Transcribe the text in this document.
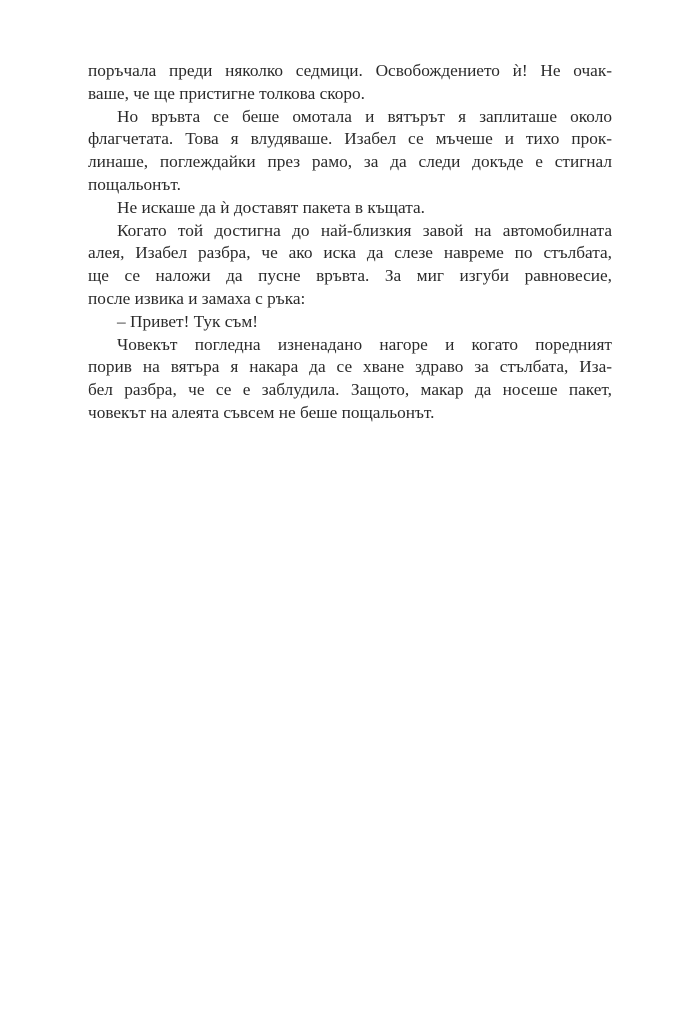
поръчала преди няколко седмици. Освобождението ѝ! Не очак-
ваше, че ще пристигне толкова скоро.
Но връвта се беше омотала и вятърът я заплиташе около
флагчетата. Това я влудяваше. Изабел се мъчеше и тихо прок-
линаше, поглеждайки през рамо, за да следи докъде е стигнал
пощальонът.
Не искаше да ѝ доставят пакета в къщата.
Когато той достигна до най-близкия завой на автомобилната
алея, Изабел разбра, че ако иска да слезе навреме по стълбата,
ще се наложи да пусне връвта. За миг изгуби равновесие,
после извика и замаха с ръка:
– Привет! Тук съм!
Човекът погледна изненадано нагоре и когато поредният
порив на вятъра я накара да се хване здраво за стълбата, Иза-
бел разбра, че се е заблудила. Защото, макар да носеше пакет,
човекът на алеята съвсем не беше пощальонът.
